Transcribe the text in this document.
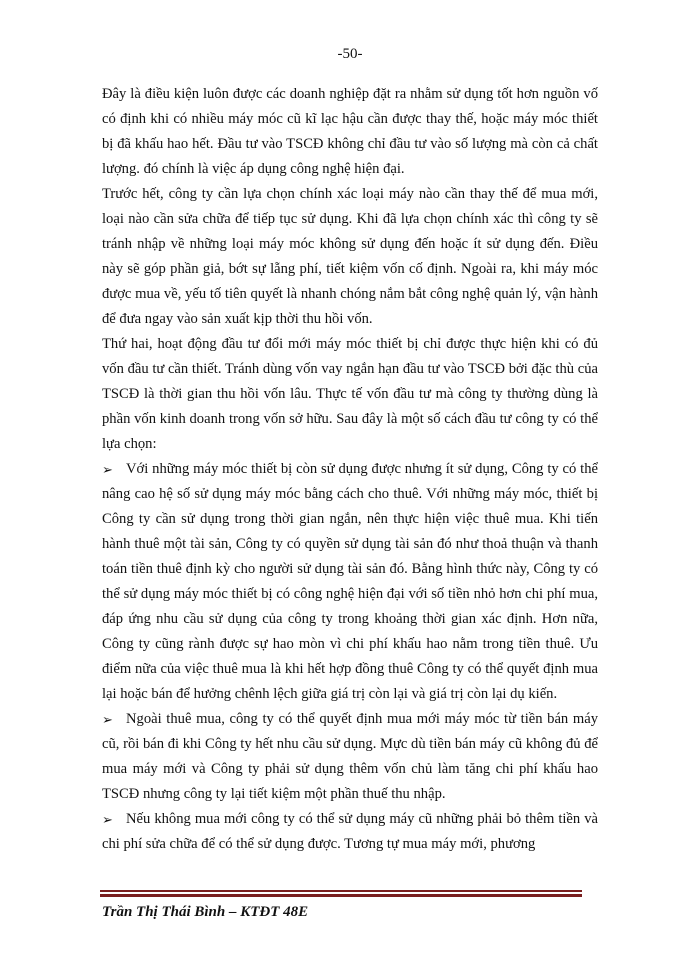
-50-

Đây là điều kiện luôn được các doanh nghiệp đặt ra nhằm sử dụng tốt hơn nguồn vố có định khi có nhiều máy móc cũ kĩ lạc hậu cần được thay thế, hoặc máy móc thiết bị đã khấu hao hết. Đầu tư vào TSCĐ không chỉ đầu tư vào số lượng mà còn cả chất lượng. đó chính là việc áp dụng công nghệ hiện đại.

Trước hết, công ty cần lựa chọn chính xác loại máy nào cần thay thế để mua mới, loại nào cần sửa chữa để tiếp tục sử dụng. Khi đã lựa chọn chính xác thì công ty sẽ tránh nhập về những loại máy móc không sử dụng đến hoặc ít sử dụng đến. Điều này sẽ góp phần giả, bớt sự lẵng phí, tiết kiệm vốn cố định. Ngoài ra, khi máy móc được mua về, yếu tố tiên quyết là nhanh chóng nắm bắt công nghệ quản lý, vận hành để đưa ngay vào sản xuất kịp thời thu hồi vốn.

Thứ hai, hoạt động đầu tư đổi mới máy móc thiết bị chỉ được thực hiện khi có đủ vốn đầu tư cần thiết. Tránh dùng vốn vay ngắn hạn đầu tư vào TSCĐ bởi đặc thù của TSCĐ là thời gian thu hồi vốn lâu. Thực tế vốn đầu tư mà công ty thường dùng là phần vốn kinh doanh trong vốn sở hữu. Sau đây là một số cách đầu tư công ty có thể lựa chọn:

➢ Với những máy móc thiết bị còn sử dụng được nhưng ít sử dụng, Công ty có thể nâng cao hệ số sử dụng máy móc bằng cách cho thuê. Với những máy móc, thiết bị Công ty cần sử dụng trong thời gian ngắn, nên thực hiện việc thuê mua. Khi tiến hành thuê một tài sản, Công ty có quyền sử dụng tài sản đó như thoả thuận và thanh toán tiền thuê định kỳ cho người sử dụng tài sản đó. Bằng hình thức này, Công ty có thể sử dụng máy móc thiết bị có công nghệ hiện đại với số tiền nhỏ hơn chi phí mua, đáp ứng nhu cầu sử dụng của công ty trong khoảng thời gian xác định. Hơn nữa, Công ty cũng rành được sự hao mòn vì chi phí khấu hao nằm trong tiền thuê. Ưu điểm nữa của việc thuê mua là khi hết hợp đồng thuê Công ty có thể quyết định mua lại hoặc bán để hưởng chênh lệch giữa giá trị còn lại và giá trị còn lại dụ kiến.

➢ Ngoài thuê mua, công ty có thể quyết định mua mới máy móc từ tiền bán máy cũ, rồi bán đi khi Công ty hết nhu cầu sử dụng. Mực dù tiền bán máy cũ không đủ để mua máy mới và Công ty phải sử dụng thêm vốn chủ làm tăng chi phí khấu hao TSCĐ nhưng công ty lại tiết kiệm một phần thuế thu nhập.

➢ Nếu không mua mới công ty có thể sử dụng máy cũ những phải bỏ thêm tiền và chi phí sửa chữa để có thể sử dụng được. Tương tự mua máy mới, phương

Trần Thị Thái Bình – KTĐT 48E
